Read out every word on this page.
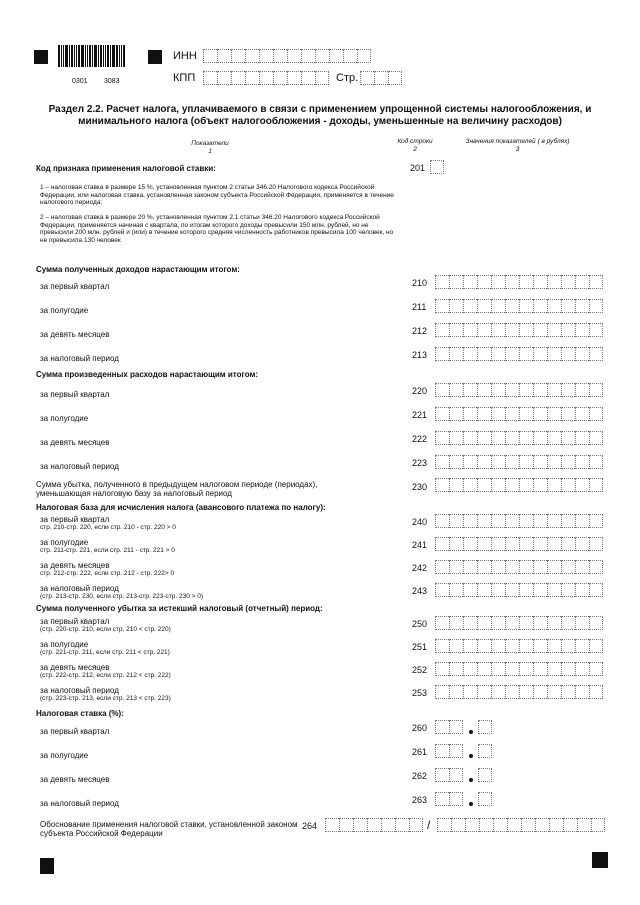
0301 3083
ИНН
КПП	Стр.
Раздел 2.2. Расчет налога, уплачиваемого в связи с применением упрощенной системы налогообложения, и минимального налога (объект налогообложения - доходы, уменьшенные на величину расходов)
Показатели
1
Код строки
2
Значения показателей ( в рублях)
3
Код признака применения налоговой ставки:	201
1 – налоговая ставка в размере 15 %, установленная пунктом 2 статьи 346.20 Налогового кодекса Российской Федерации, или налоговая ставка, установленная законом субъекта Российской Федерации, применяется в течение налогового периода;
2 – налоговая ставка в размере 20 %, установленная пунктом 2.1 статьи 346.20 Налогового кодекса Российской Федерации, применяется начиная с квартала, по итогам которого доходы превысили 150 млн. рублей, но не превысили 200 млн. рублей и (или) в течение которого средняя численность работников превысила 100 человек, но не превысила 130 человек
Сумма полученных доходов нарастающим итогом:
за первый квартал	210
за полугодие	211
за девять месяцев	212
за налоговый период	213
Сумма произведенных расходов нарастающим итогом:
за первый квартал	220
за полугодие	221
за девять месяцев	222
за налоговый период	223
Сумма убытка, полученного в предыдущем налоговом периоде (периодах), уменьшающая налоговую базу за налоговый период
230
Налоговая база для исчисления налога (авансового платежа по налогу):
за первый квартал
стр. 210-стр. 220, если стр. 210 - стр. 220 > 0
240
за полугодие
стр. 211-стр. 221, если стр. 211 - стр. 221 > 0
241
за девять месяцев
стр. 212-стр. 222, если стр. 212 - стр. 222> 0
242
за налоговый период
(стр. 213-стр. 230, если стр. 213-стр. 223-стр. 230 > 0)
243
Сумма полученного убытка за истекший налоговый (отчетный) период:
за первый квартал
(стр. 220-стр. 210, если стр. 210 < стр. 220)
250
за полугодие
(стр. 221-стр. 211, если стр. 211 < стр. 221)
251
за девять месяцев
(стр. 222-стр. 212, если стр. 212 < стр. 222)
252
за налоговый период
(стр. 223-стр. 213, если стр. 213 < стр. 223)
253
Налоговая ставка (%):
за первый квартал	260
за полугодие	261
за девять месяцев	262
за налоговый период	263
Обоснование применения налоговой ставки, установленной законом субъекта Российской Федерации
264	/
